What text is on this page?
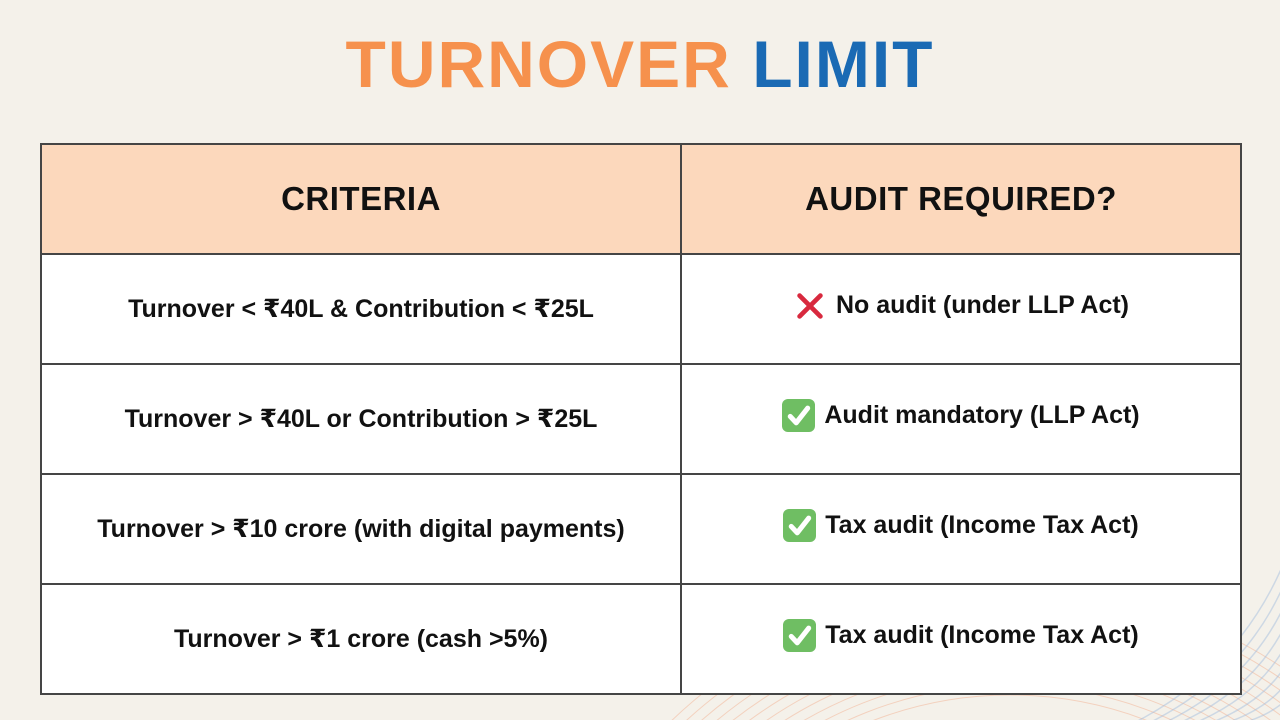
TURNOVER LIMIT
CRITERIA	AUDIT REQUIRED?
Turnover < ₹40L & Contribution < ₹25L	No audit (under LLP Act)

Turnover > ₹40L or Contribution > ₹25L	Audit mandatory (LLP Act)

Turnover > ₹10 crore (with digital payments)	Tax audit (Income Tax Act)

Turnover > ₹1 crore (cash >5%)	Tax audit (Income Tax Act)
